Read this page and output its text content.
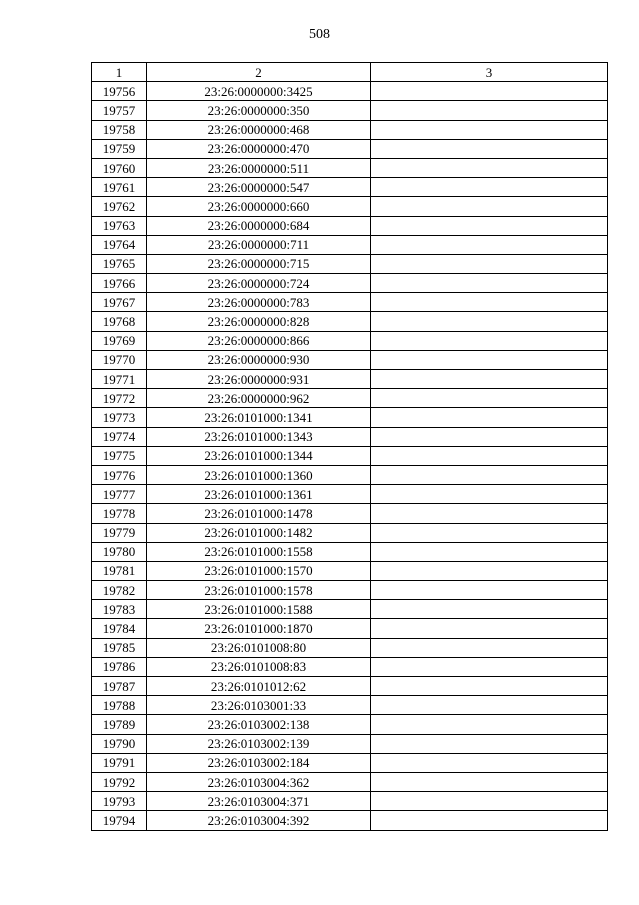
508
1	2	3
19756	23:26:0000000:3425	
19757	23:26:0000000:350	
19758	23:26:0000000:468	
19759	23:26:0000000:470	
19760	23:26:0000000:511	
19761	23:26:0000000:547	
19762	23:26:0000000:660	
19763	23:26:0000000:684	
19764	23:26:0000000:711	
19765	23:26:0000000:715	
19766	23:26:0000000:724	
19767	23:26:0000000:783	
19768	23:26:0000000:828	
19769	23:26:0000000:866	
19770	23:26:0000000:930	
19771	23:26:0000000:931	
19772	23:26:0000000:962	
19773	23:26:0101000:1341	
19774	23:26:0101000:1343	
19775	23:26:0101000:1344	
19776	23:26:0101000:1360	
19777	23:26:0101000:1361	
19778	23:26:0101000:1478	
19779	23:26:0101000:1482	
19780	23:26:0101000:1558	
19781	23:26:0101000:1570	
19782	23:26:0101000:1578	
19783	23:26:0101000:1588	
19784	23:26:0101000:1870	
19785	23:26:0101008:80	
19786	23:26:0101008:83	
19787	23:26:0101012:62	
19788	23:26:0103001:33	
19789	23:26:0103002:138	
19790	23:26:0103002:139	
19791	23:26:0103002:184	
19792	23:26:0103004:362	
19793	23:26:0103004:371	
19794	23:26:0103004:392	
